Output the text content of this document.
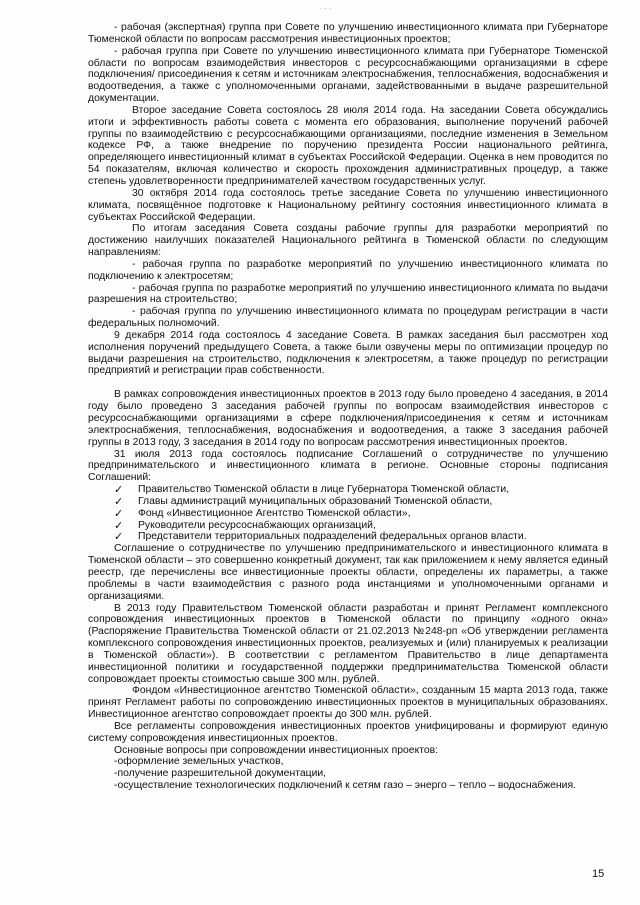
˙ ˙ ˙

- рабочая (экспертная) группа при Совете по улучшению инвестиционного климата при Губернаторе Тюменской области по вопросам рассмотрения инвестиционных проектов;

- рабочая группа при Совете по улучшению инвестиционного климата при Губернаторе Тюменской области по вопросам взаимодействия инвесторов с ресурсоснабжающими организациями в сфере подключения/ присоединения к сетям и источникам электроснабжения, теплоснабжения, водоснабжения и водоотведения, а также с уполномоченными органами, задействованными в выдаче разрешительной документации.

Второе заседание Совета состоялось 28 июля 2014 года. На заседании Совета обсуждались итоги и эффективность работы совета с момента его образования, выполнение поручений рабочей группы по взаимодействию с ресурсоснабжающими организациями, последние изменения в Земельном кодексе РФ, а также внедрение по поручению президента России национального рейтинга, определяющего инвестиционный климат в субъектах Российской Федерации. Оценка в нем проводится по 54 показателям, включая количество и скорость прохождения административных процедур, а также степень удовлетворенности предпринимателей качеством государственных услуг.

30 октября 2014 года состоялось третье заседание Совета по улучшению инвестиционного климата, посвящённое подготовке к Национальному рейтингу состояния инвестиционного климата в субъектах Российской Федерации.

По итогам заседания Совета созданы рабочие группы для разработки мероприятий по достижению наилучших показателей Национального рейтинга в Тюменской области по следующим направлениям:

- рабочая группа по разработке мероприятий по улучшению инвестиционного климата по подключению к электросетям;

- рабочая группа по разработке мероприятий по улучшению инвестиционного климата по выдачи разрешения на строительство;

- рабочая группа по улучшению инвестиционного климата по процедурам регистрации в части федеральных полномочий.

9 декабря 2014 года состоялось 4 заседание Совета. В рамках заседания был рассмотрен ход исполнения поручений предыдущего Совета, а также были озвучены меры по оптимизации процедур по выдачи разрешения на строительство, подключения к электросетям, а также процедур по регистрации предприятий и регистрации прав собственности.

В рамках сопровождения инвестиционных проектов в 2013 году было проведено 4 заседания, в 2014 году было проведено 3 заседания рабочей группы по вопросам взаимодействия инвесторов с ресурсоснабжающими организациями в сфере подключения/присоединения к сетям и источникам электроснабжения, теплоснабжения, водоснабжения и водоотведения, а также 3 заседания рабочей группы в 2013 году, 3 заседания в 2014 году по вопросам рассмотрения инвестиционных проектов.

31 июля 2013 года состоялось подписание Соглашений о сотрудничестве по улучшению предпринимательского и инвестиционного климата в регионе. Основные стороны подписания Соглашений:

✓ Правительство Тюменской области в лице Губернатора Тюменской области,
✓ Главы администраций муниципальных образований Тюменской области,
✓ Фонд «Инвестиционное Агентство Тюменской области»,
✓ Руководители ресурсоснабжающих организаций,
✓ Представители территориальных подразделений федеральных органов власти.

Соглашение о сотрудничестве по улучшению предпринимательского и инвестиционного климата в Тюменской области – это совершенно конкретный документ, так как приложением к нему является единый реестр, где перечислены все инвестиционные проекты области, определены их параметры, а также проблемы в части взаимодействия с разного рода инстанциями и уполномоченными органами и организациями.

В 2013 году Правительством Тюменской области разработан и принят Регламент комплексного сопровождения инвестиционных проектов в Тюменской области по принципу «одного окна» (Распоряжение Правительства Тюменской области от 21.02.2013 №248-рп «Об утверждении регламента комплексного сопровождения инвестиционных проектов, реализуемых и (или) планируемых к реализации в Тюменской области»). В соответствии с регламентом Правительство в лице департамента инвестиционной политики и государственной поддержки предпринимательства Тюменской области сопровождает проекты стоимостью свыше 300 млн. рублей.

Фондом «Инвестиционное агентство Тюменской области», созданным 15 марта 2013 года, также принят Регламент работы по сопровождению инвестиционных проектов в муниципальных образованиях. Инвестиционное агентство сопровождает проекты до 300 млн. рублей.

Все регламенты сопровождения инвестиционных проектов унифицированы и формируют единую систему сопровождения инвестиционных проектов.

Основные вопросы при сопровождении инвестиционных проектов:

-оформление земельных участков,

-получение разрешительной документации,

-осуществление технологических подключений к сетям газо – энерго – тепло – водоснабжения.

15
